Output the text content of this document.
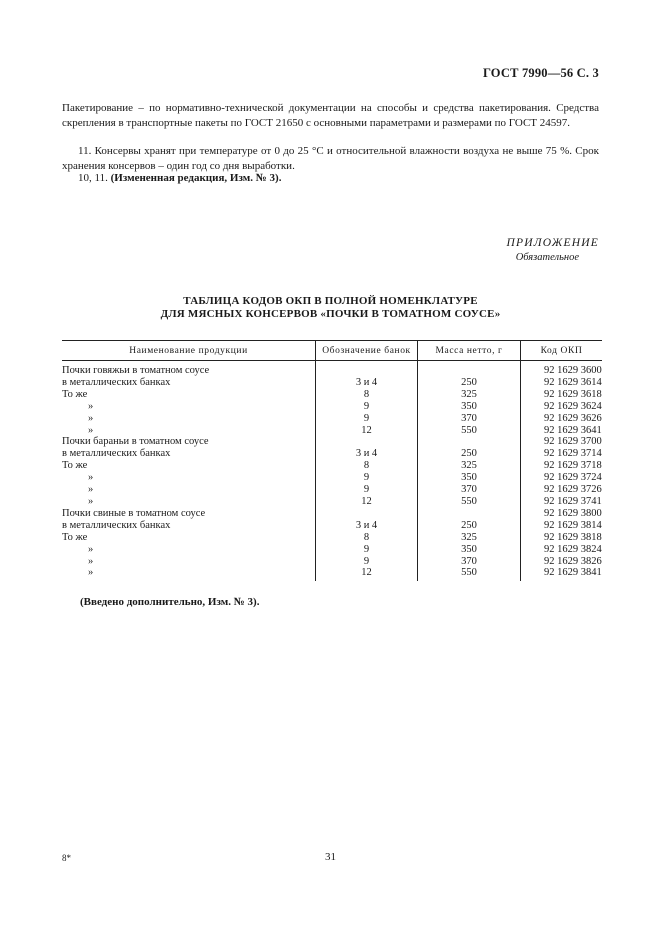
ГОСТ 7990—56 С. 3
Пакетирование – по нормативно-технической документации на способы и средства пакетирования. Средства скрепления в транспортные пакеты по ГОСТ 21650 с основными параметрами и размерами по ГОСТ 24597.
11. Консервы хранят при температуре от 0 до 25 °С и относительной влажности воздуха не выше 75 %. Срок хранения консервов – один год со дня выработки.
10, 11. (Измененная редакция, Изм. № 3).
ПРИЛОЖЕНИЕ
Обязательное
ТАБЛИЦА КОДОВ ОКП В ПОЛНОЙ НОМЕНКЛАТУРЕ
ДЛЯ МЯСНЫХ КОНСЕРВОВ «ПОЧКИ В ТОМАТНОМ СОУСЕ»
Наименование продукции	Обозначение банок	Масса нетто, г	Код ОКП
Почки говяжьи в томатном соусе			92 1629 3600
в металлических банках	3 и 4	250	92 1629 3614
То же	8	325	92 1629 3618
»	9	350	92 1629 3624
»	9	370	92 1629 3626
»	12	550	92 1629 3641
Почки бараньи в томатном соусе			92 1629 3700
в металлических банках	3 и 4	250	92 1629 3714
То же	8	325	92 1629 3718
»	9	350	92 1629 3724
»	9	370	92 1629 3726
»	12	550	92 1629 3741
Почки свиные в томатном соусе			92 1629 3800
в металлических банках	3 и 4	250	92 1629 3814
То же	8	325	92 1629 3818
»	9	350	92 1629 3824
»	9	370	92 1629 3826
»	12	550	92 1629 3841
(Введено дополнительно, Изм. № 3).
8*	31
